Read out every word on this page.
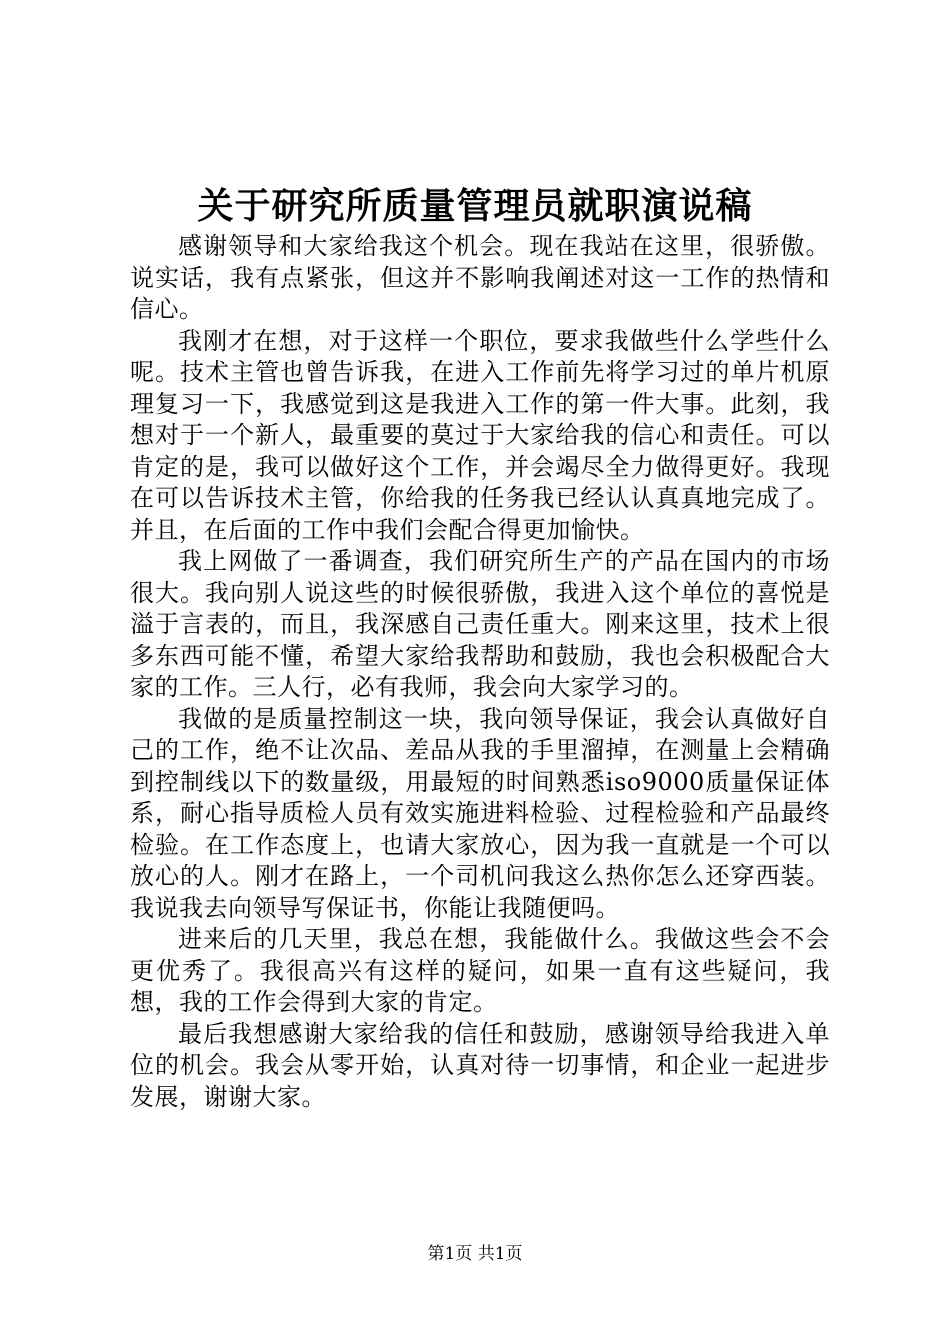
关于研究所质量管理员就职演说稿

感谢领导和大家给我这个机会。现在我站在这里，很骄傲。说实话，我有点紧张，但这并不影响我阐述对这一工作的热情和信心。

我刚才在想，对于这样一个职位，要求我做些什么学些什么呢。技术主管也曾告诉我，在进入工作前先将学习过的单片机原理复习一下，我感觉到这是我进入工作的第一件大事。此刻，我想对于一个新人，最重要的莫过于大家给我的信心和责任。可以肯定的是，我可以做好这个工作，并会竭尽全力做得更好。我现在可以告诉技术主管，你给我的任务我已经认认真真地完成了。并且，在后面的工作中我们会配合得更加愉快。

我上网做了一番调查，我们研究所生产的产品在国内的市场很大。我向别人说这些的时候很骄傲，我进入这个单位的喜悦是溢于言表的，而且，我深感自己责任重大。刚来这里，技术上很多东西可能不懂，希望大家给我帮助和鼓励，我也会积极配合大家的工作。三人行，必有我师，我会向大家学习的。

我做的是质量控制这一块，我向领导保证，我会认真做好自己的工作，绝不让次品、差品从我的手里溜掉，在测量上会精确到控制线以下的数量级，用最短的时间熟悉iso9000质量保证体系，耐心指导质检人员有效实施进料检验、过程检验和产品最终检验。在工作态度上，也请大家放心，因为我一直就是一个可以放心的人。刚才在路上，一个司机问我这么热你怎么还穿西装。我说我去向领导写保证书，你能让我随便吗。

进来后的几天里，我总在想，我能做什么。我做这些会不会更优秀了。我很高兴有这样的疑问，如果一直有这些疑问，我想，我的工作会得到大家的肯定。

最后我想感谢大家给我的信任和鼓励，感谢领导给我进入单位的机会。我会从零开始，认真对待一切事情，和企业一起进步发展，谢谢大家。

第1页 共1页
